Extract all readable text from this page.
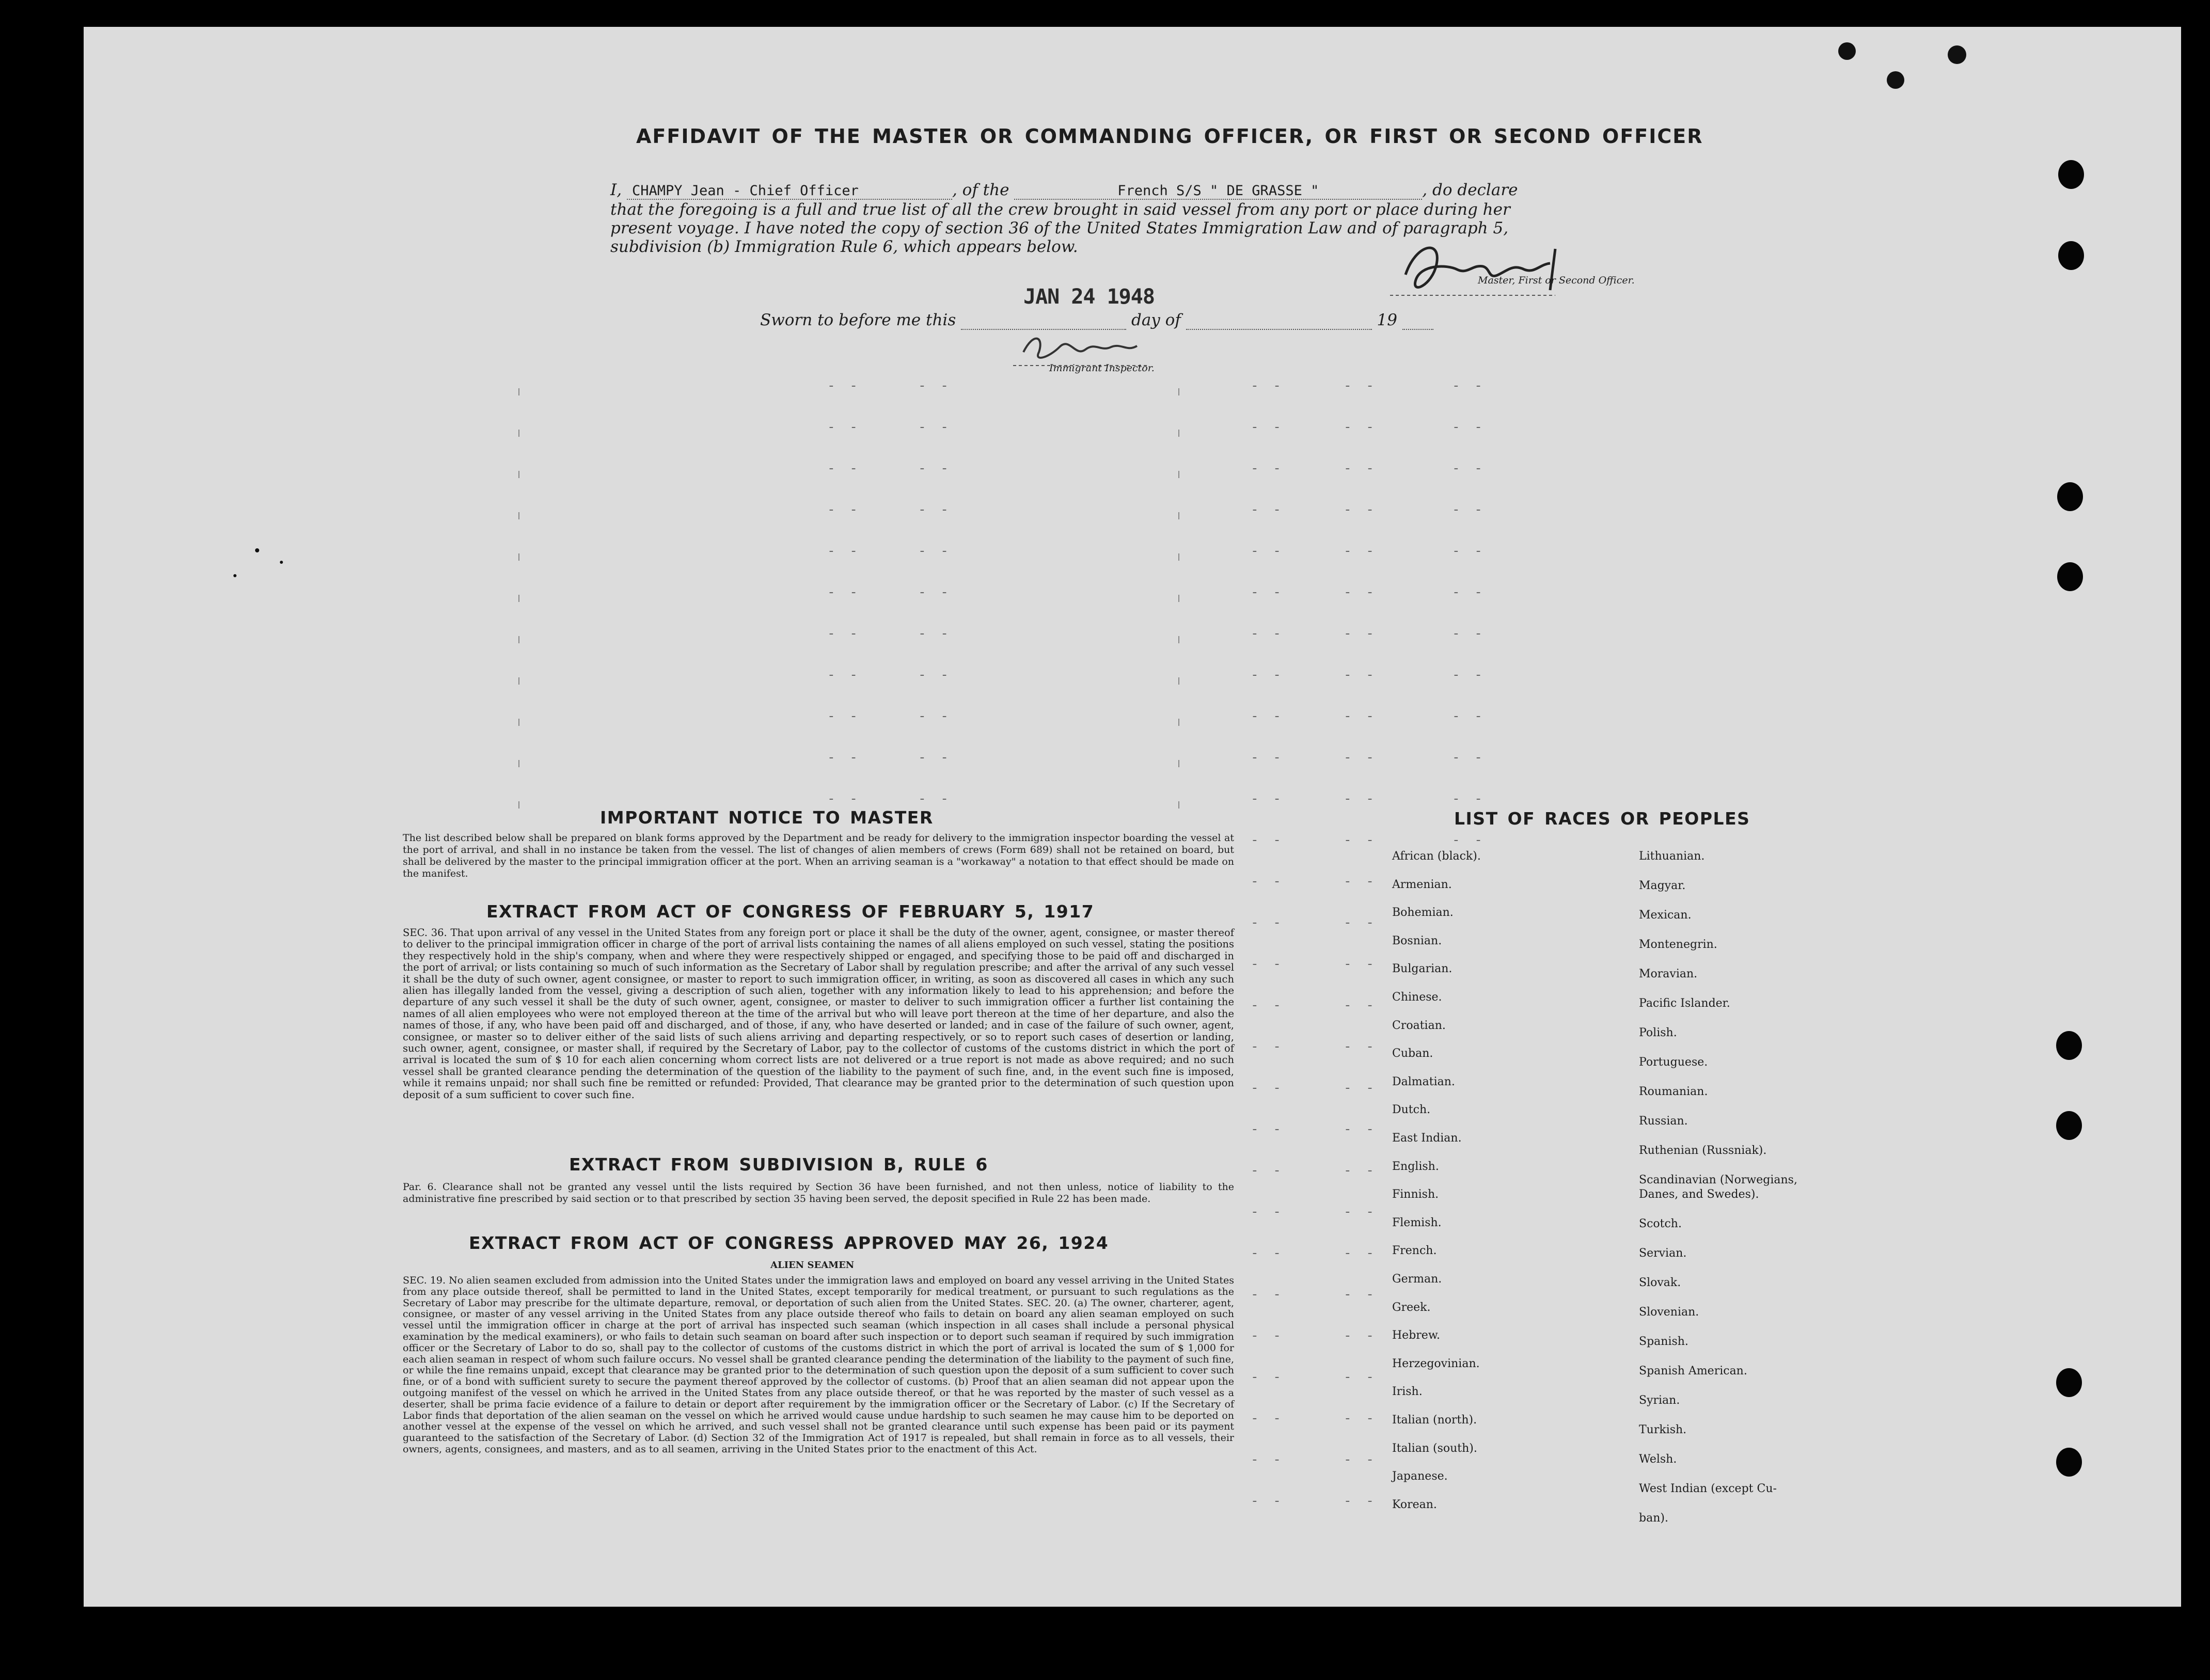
AFFIDAVIT OF THE MASTER OR COMMANDING OFFICER, OR FIRST OR SECOND OFFICER
I, CHAMPY Jean - Chief Officer	, of the	French S/S " DE GRASSE "	, do declare
that the foregoing is a full and true list of all the crew brought in said vessel from any port or place during her
present voyage. I have noted the copy of section 36 of the United States Immigration Law and of paragraph 5,
subdivision (b) Immigration Rule 6, which appears below.
Master, First or Second Officer.
Sworn to before me this	day of	19
JAN 24 1948
Immigrant Inspector.
- -	- -	- -	- -	- -
- -	- -	- -	- -	- -
- -	- -	- -	- -	- -
- -	- -	- -	- -	- -
- -	- -	- -	- -	- -
- -	- -	- -	- -	- -
- -	- -	- -	- -	- -
- -	- -	- -	- -	- -
- -	- -	- -	- -	- -
- -	- -	- -	- -	- -
- -	- -	- -	- -	- -
- -	- -	- -
- -	- -
- -	- -
- -	- -
- -	- -
- -	- -
- -	- -
- -	- -
- -	- -
- -	- -
- -	- -
- -	- -
- -	- -
- -	- -
- -	- -
- -	- -
- -	- -
IMPORTANT NOTICE TO MASTER

The list described below shall be prepared on blank forms approved by the Department and be ready for delivery to the immigration inspector boarding the vessel at the port of arrival, and shall in no instance be taken from the vessel. The list of changes of alien members of crews (Form 689) shall not be retained on board, but shall be delivered by the master to the principal immigration officer at the port. When an arriving seaman is a "workaway" a notation to that effect should be made on the manifest.

EXTRACT FROM ACT OF CONGRESS OF FEBRUARY 5, 1917

SEC. 36. That upon arrival of any vessel in the United States from any foreign port or place it shall be the duty of the owner, agent, consignee, or master thereof to deliver to the principal immigration officer in charge of the port of arrival lists containing the names of all aliens employed on such vessel, stating the positions they respectively hold in the ship's company, when and where they were respectively shipped or engaged, and specifying those to be paid off and discharged in the port of arrival; or lists containing so much of such information as the Secretary of Labor shall by regulation prescribe; and after the arrival of any such vessel it shall be the duty of such owner, agent consignee, or master to report to such immigration officer, in writing, as soon as discovered all cases in which any such alien has illegally landed from the vessel, giving a description of such alien, together with any information likely to lead to his apprehension; and before the departure of any such vessel it shall be the duty of such owner, agent, consignee, or master to deliver to such immigration officer a further list containing the names of all alien employees who were not employed thereon at the time of the arrival but who will leave port thereon at the time of her departure, and also the names of those, if any, who have been paid off and discharged, and of those, if any, who have deserted or landed; and in case of the failure of such owner, agent, consignee, or master so to deliver either of the said lists of such aliens arriving and departing respectively, or so to report such cases of desertion or landing, such owner, agent, consignee, or master shall, if required by the Secretary of Labor, pay to the collector of customs of the customs district in which the port of arrival is located the sum of $ 10 for each alien concerning whom correct lists are not delivered or a true report is not made as above required; and no such vessel shall be granted clearance pending the determination of the question of the liability to the payment of such fine, and, in the event such fine is imposed, while it remains unpaid; nor shall such fine be remitted or refunded: Provided, That clearance may be granted prior to the determination of such question upon deposit of a sum sufficient to cover such fine.

EXTRACT FROM SUBDIVISION B, RULE 6

Par. 6. Clearance shall not be granted any vessel until the lists required by Section 36 have been furnished, and not then unless, notice of liability to the administrative fine prescribed by said section or to that prescribed by section 35 having been served, the deposit specified in Rule 22 has been made.

EXTRACT FROM ACT OF CONGRESS APPROVED MAY 26, 1924
ALIEN SEAMEN

SEC. 19. No alien seamen excluded from admission into the United States under the immigration laws and employed on board any vessel arriving in the United States from any place outside thereof, shall be permitted to land in the United States, except temporarily for medical treatment, or pursuant to such regulations as the Secretary of Labor may prescribe for the ultimate departure, removal, or deportation of such alien from the United States. SEC. 20. (a) The owner, charterer, agent, consignee, or master of any vessel arriving in the United States from any place outside thereof who fails to detain on board any alien seaman employed on such vessel until the immigration officer in charge at the port of arrival has inspected such seaman (which inspection in all cases shall include a personal physical examination by the medical examiners), or who fails to detain such seaman on board after such inspection or to deport such seaman if required by such immigration officer or the Secretary of Labor to do so, shall pay to the collector of customs of the customs district in which the port of arrival is located the sum of $ 1,000 for each alien seaman in respect of whom such failure occurs. No vessel shall be granted clearance pending the determination of the liability to the payment of such fine, or while the fine remains unpaid, except that clearance may be granted prior to the determination of such question upon the deposit of a sum sufficient to cover such fine, or of a bond with sufficient surety to secure the payment thereof approved by the collector of customs. (b) Proof that an alien seaman did not appear upon the outgoing manifest of the vessel on which he arrived in the United States from any place outside thereof, or that he was reported by the master of such vessel as a deserter, shall be prima facie evidence of a failure to detain or deport after requirement by the immigration officer or the Secretary of Labor. (c) If the Secretary of Labor finds that deportation of the alien seaman on the vessel on which he arrived would cause undue hardship to such seamen he may cause him to be deported on another vessel at the expense of the vessel on which he arrived, and such vessel shall not be granted clearance until such expense has been paid or its payment guaranteed to the satisfaction of the Secretary of Labor. (d) Section 32 of the Immigration Act of 1917 is repealed, but shall remain in force as to all vessels, their owners, agents, consignees, and masters, and as to all seamen, arriving in the United States prior to the enactment of this Act.

LIST OF RACES OR PEOPLES
African (black).
Armenian.
Bohemian.
Bosnian.
Bulgarian.
Chinese.
Croatian.
Cuban.
Dalmatian.
Dutch.
East Indian.
English.
Finnish.
Flemish.
French.
German.
Greek.
Hebrew.
Herzegovinian.
Irish.
Italian (north).
Italian (south).
Japanese.
Korean.
Lithuanian.
Magyar.
Mexican.
Montenegrin.
Moravian.
Pacific Islander.
Polish.
Portuguese.
Roumanian.
Russian.
Ruthenian (Russniak).
Scandinavian (Norwegians,
Danes, and Swedes).
Scotch.
Servian.
Slovak.
Slovenian.
Spanish.
Spanish American.
Syrian.
Turkish.
Welsh.
West Indian (except Cu-
ban).
